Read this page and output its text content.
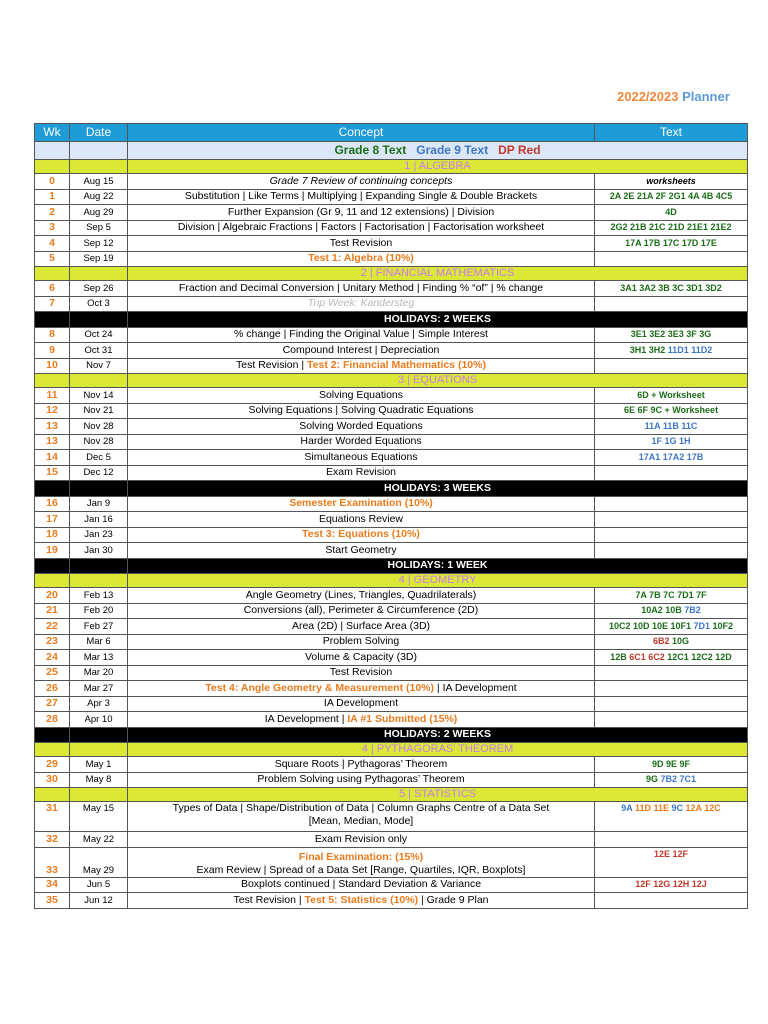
2022/2023 Planner
Wk	Date	Concept	Text
		Grade 8 Text Grade 9 Text DP Red	
		1 | ALGEBRA	
0	Aug 15	Grade 7 Review of continuing concepts	worksheets
1	Aug 22	Substitution | Like Terms | Multiplying | Expanding Single & Double Brackets	2A 2E 21A 2F 2G1 4A 4B 4C5
2	Aug 29	Further Expansion (Gr 9, 11 and 12 extensions) | Division	4D
3	Sep 5	Division | Algebraic Fractions | Factors | Factorisation | Factorisation worksheet	2G2 21B 21C 21D 21E1 21E2
4	Sep 12	Test Revision	17A 17B 17C 17D 17E
5	Sep 19	Test 1: Algebra (10%)	
		2 | FINANCIAL MATHEMATICS	
6	Sep 26	Fraction and Decimal Conversion | Unitary Method | Finding % “of” | % change	3A1 3A2 3B 3C 3D1 3D2
7	Oct 3	Trip Week: Kandersteg	
		HOLIDAYS: 2 WEEKS	
8	Oct 24	% change | Finding the Original Value | Simple Interest	3E1 3E2 3E3 3F 3G
9	Oct 31	Compound Interest | Depreciation	3H1 3H2 11D1 11D2
10	Nov 7	Test Revision | Test 2: Financial Mathematics (10%)	
		3 | EQUATIONS	
11	Nov 14	Solving Equations	6D + Worksheet
12	Nov 21	Solving Equations | Solving Quadratic Equations	6E 6F 9C + Worksheet
13	Nov 28	Solving Worded Equations	11A 11B 11C
13	Nov 28	Harder Worded Equations	1F 1G 1H
14	Dec 5	Simultaneous Equations	17A1 17A2 17B
15	Dec 12	Exam Revision	
		HOLIDAYS: 3 WEEKS	
16	Jan 9	Semester Examination (10%)	
17	Jan 16	Equations Review	
18	Jan 23	Test 3: Equations (10%)	
19	Jan 30	Start Geometry	
		HOLIDAYS: 1 WEEK	
		4 | GEOMETRY	
20	Feb 13	Angle Geometry (Lines, Triangles, Quadrilaterals)	7A 7B 7C 7D1 7F
21	Feb 20	Conversions (all), Perimeter & Circumference (2D)	10A2 10B 7B2
22	Feb 27	Area (2D) | Surface Area (3D)	10C2 10D 10E 10F1 7D1 10F2
23	Mar 6	Problem Solving	6B2 10G
24	Mar 13	Volume & Capacity (3D)	12B 6C1 6C2 12C1 12C2 12D
25	Mar 20	Test Revision	
26	Mar 27	Test 4: Angle Geometry & Measurement (10%) | IA Development	
27	Apr 3	IA Development	
28	Apr 10	IA Development | IA #1 Submitted (15%)	
		HOLIDAYS: 2 WEEKS	
		4 | PYTHAGORAS’ THEOREM	
29	May 1	Square Roots | Pythagoras’ Theorem	9D 9E 9F
30	May 8	Problem Solving using Pythagoras’ Theorem	9G 7B2 7C1
		5 | STATISTICS	
31	May 15	Types of Data | Shape/Distribution of Data | Column Graphs Centre of a Data Set
[Mean, Median, Mode]	9A 11D 11E 9C 12A 12C
32	May 22	Exam Revision only	
33	May 29	Final Examination: (15%)
Exam Review | Spread of a Data Set [Range, Quartiles, IQR, Boxplots]	12E 12F
34	Jun 5	Boxplots continued | Standard Deviation & Variance	12F 12G 12H 12J
35	Jun 12	Test Revision | Test 5: Statistics (10%) | Grade 9 Plan	
